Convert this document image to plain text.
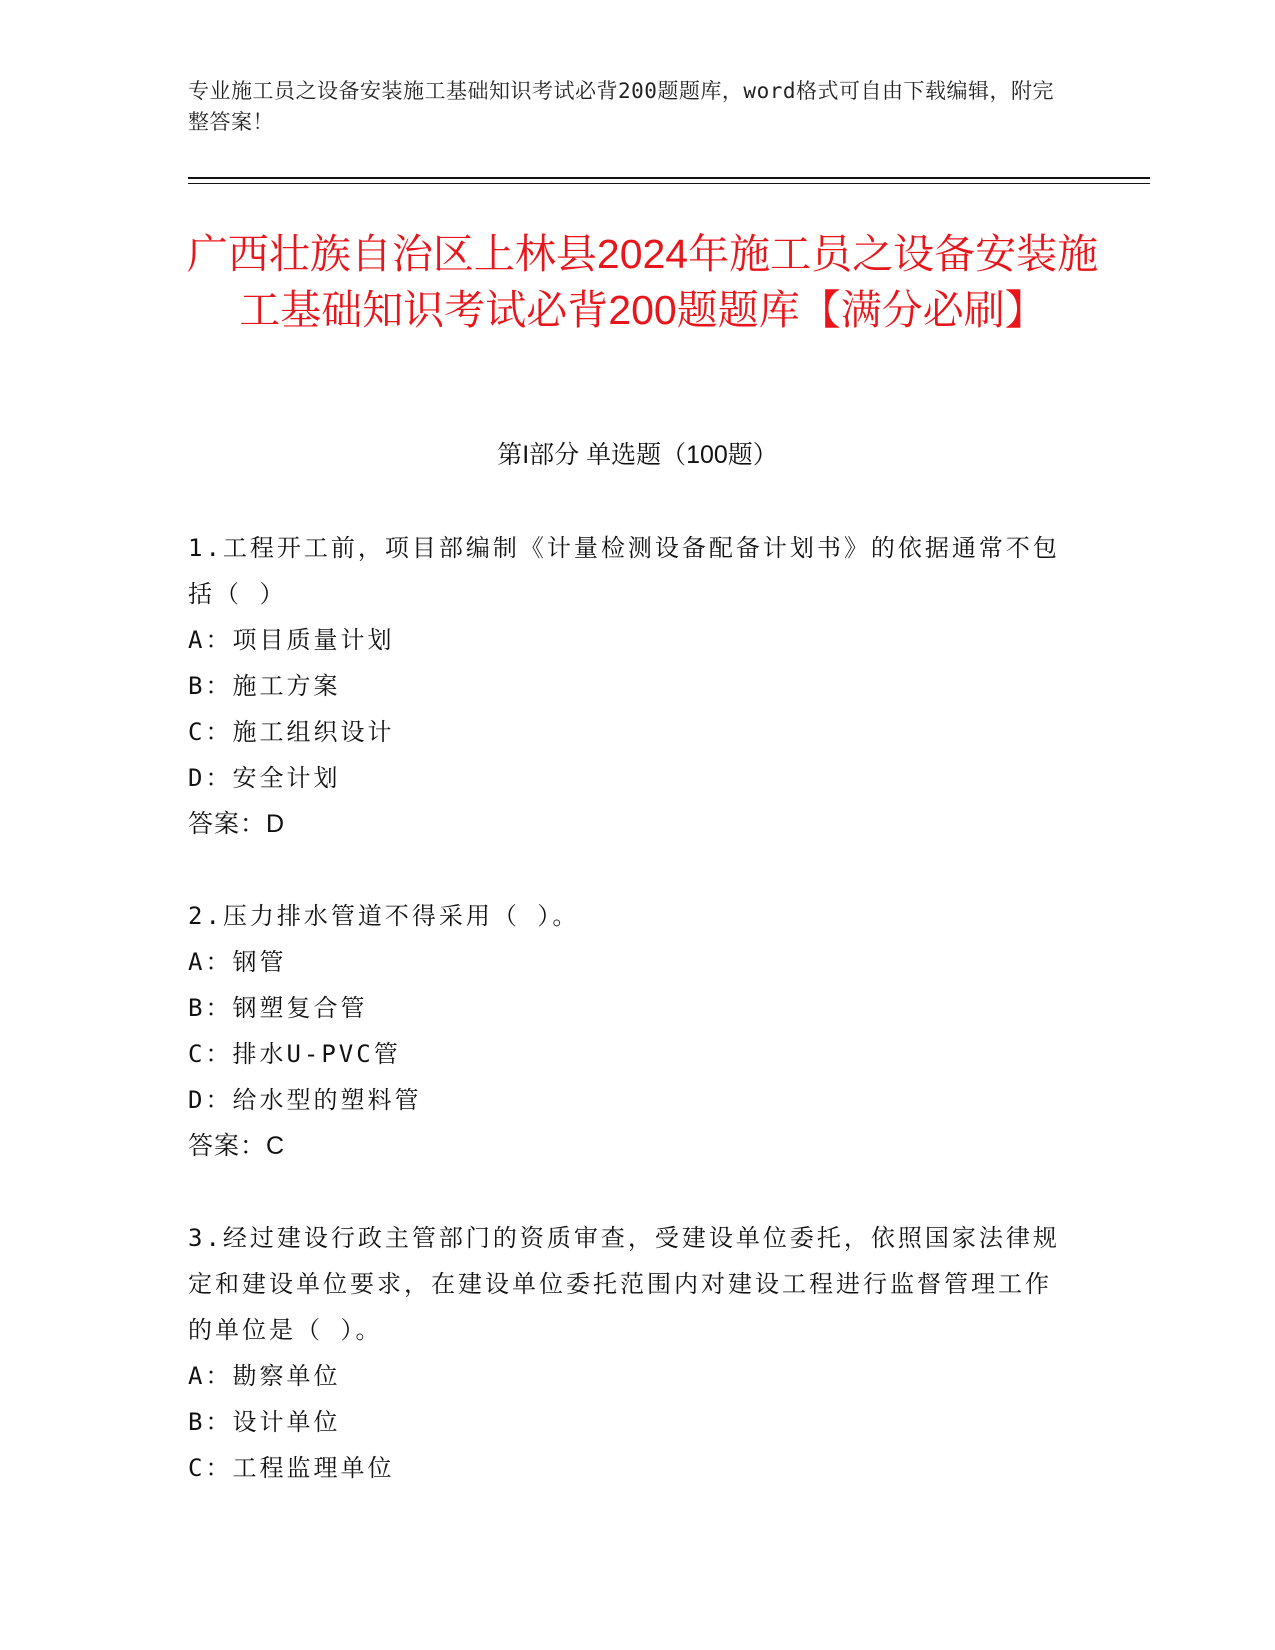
专业施工员之设备安装施工基础知识考试必背200题题库，word格式可自由下载编辑，附完整答案！
广西壮族自治区上林县2024年施工员之设备安装施工基础知识考试必背200题题库【满分必刷】
第I部分 单选题（100题）
1.工程开工前，项目部编制《计量检测设备配备计划书》的依据通常不包括（ ）
A：项目质量计划
B：施工方案
C：施工组织设计
D：安全计划
答案：D
2.压力排水管道不得采用（ ）。
A：钢管
B：钢塑复合管
C：排水U-PVC管
D：给水型的塑料管
答案：C
3.经过建设行政主管部门的资质审查，受建设单位委托，依照国家法律规定和建设单位要求，在建设单位委托范围内对建设工程进行监督管理工作的单位是（ ）。
A：勘察单位
B：设计单位
C：工程监理单位
